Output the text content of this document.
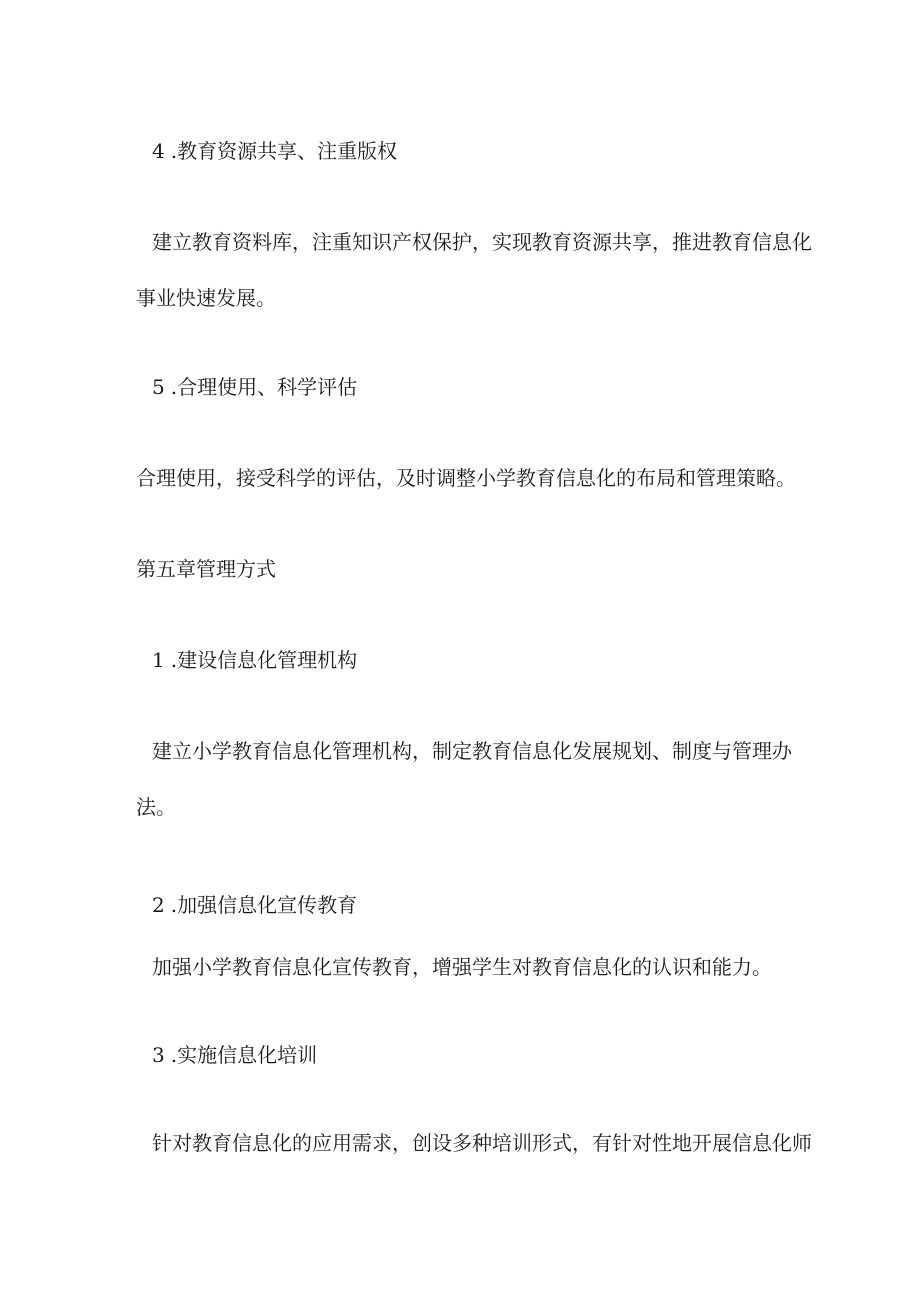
4 .教育资源共享、注重版权

建立教育资料库，注重知识产权保护，实现教育资源共享，推进教育信息化

事业快速发展。

5 .合理使用、科学评估

合理使用，接受科学的评估，及时调整小学教育信息化的布局和管理策略。

第五章管理方式

1 .建设信息化管理机构

建立小学教育信息化管理机构，制定教育信息化发展规划、制度与管理办

法。

2 .加强信息化宣传教育

加强小学教育信息化宣传教育，增强学生对教育信息化的认识和能力。

3 .实施信息化培训

针对教育信息化的应用需求，创设多种培训形式，有针对性地开展信息化师
